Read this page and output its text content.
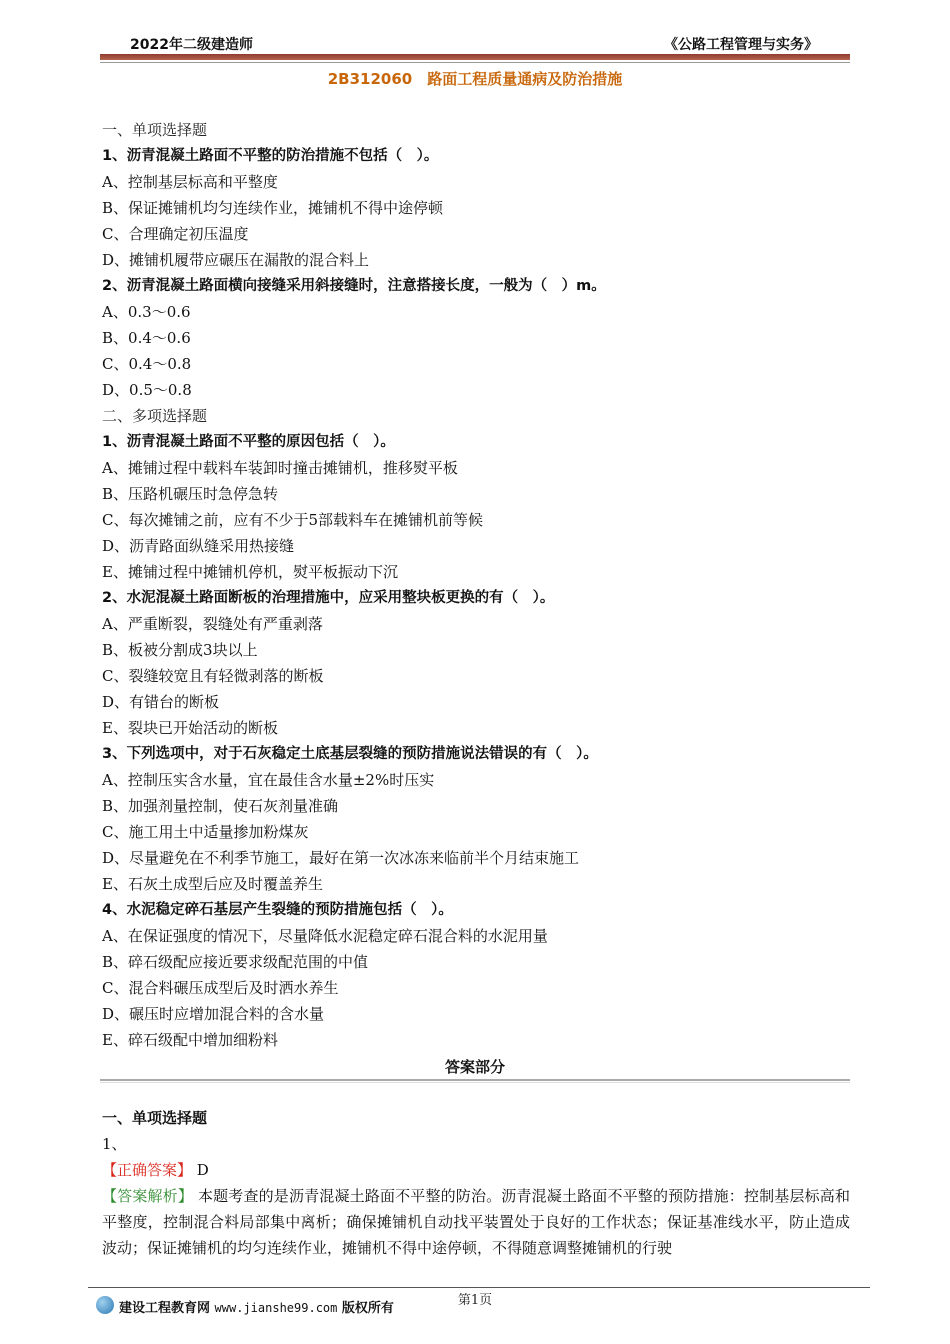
2022年二级建造师	《公路工程管理与实务》
2B312060　路面工程质量通病及防治措施
一、单项选择题
1、沥青混凝土路面不平整的防治措施不包括（　）。
A、控制基层标高和平整度
B、保证摊铺机均匀连续作业，摊铺机不得中途停顿
C、合理确定初压温度
D、摊铺机履带应碾压在漏散的混合料上
2、沥青混凝土路面横向接缝采用斜接缝时，注意搭接长度，一般为（　）m。
A、0.3～0.6
B、0.4～0.6
C、0.4～0.8
D、0.5～0.8
二、多项选择题
1、沥青混凝土路面不平整的原因包括（　）。
A、摊铺过程中载料车装卸时撞击摊铺机，推移熨平板
B、压路机碾压时急停急转
C、每次摊铺之前，应有不少于5部载料车在摊铺机前等候
D、沥青路面纵缝采用热接缝
E、摊铺过程中摊铺机停机，熨平板振动下沉
2、水泥混凝土路面断板的治理措施中，应采用整块板更换的有（　）。
A、严重断裂，裂缝处有严重剥落
B、板被分割成3块以上
C、裂缝较宽且有轻微剥落的断板
D、有错台的断板
E、裂块已开始活动的断板
3、下列选项中，对于石灰稳定土底基层裂缝的预防措施说法错误的有（　）。
A、控制压实含水量，宜在最佳含水量±2%时压实
B、加强剂量控制，使石灰剂量准确
C、施工用土中适量掺加粉煤灰
D、尽量避免在不利季节施工，最好在第一次冰冻来临前半个月结束施工
E、石灰土成型后应及时覆盖养生
4、水泥稳定碎石基层产生裂缝的预防措施包括（　）。
A、在保证强度的情况下，尽量降低水泥稳定碎石混合料的水泥用量
B、碎石级配应接近要求级配范围的中值
C、混合料碾压成型后及时洒水养生
D、碾压时应增加混合料的含水量
E、碎石级配中增加细粉料
答案部分
一、单项选择题
1、
【正确答案】 D
【答案解析】 本题考查的是沥青混凝土路面不平整的防治。沥青混凝土路面不平整的预防措施：控制基层标高和平整度，控制混合料局部集中离析；确保摊铺机自动找平装置处于良好的工作状态；保证基准线水平，防止造成波动；保证摊铺机的均匀连续作业，摊铺机不得中途停顿，不得随意调整摊铺机的行驶
第1页
建设工程教育网 www.jianshe99.com 版权所有
